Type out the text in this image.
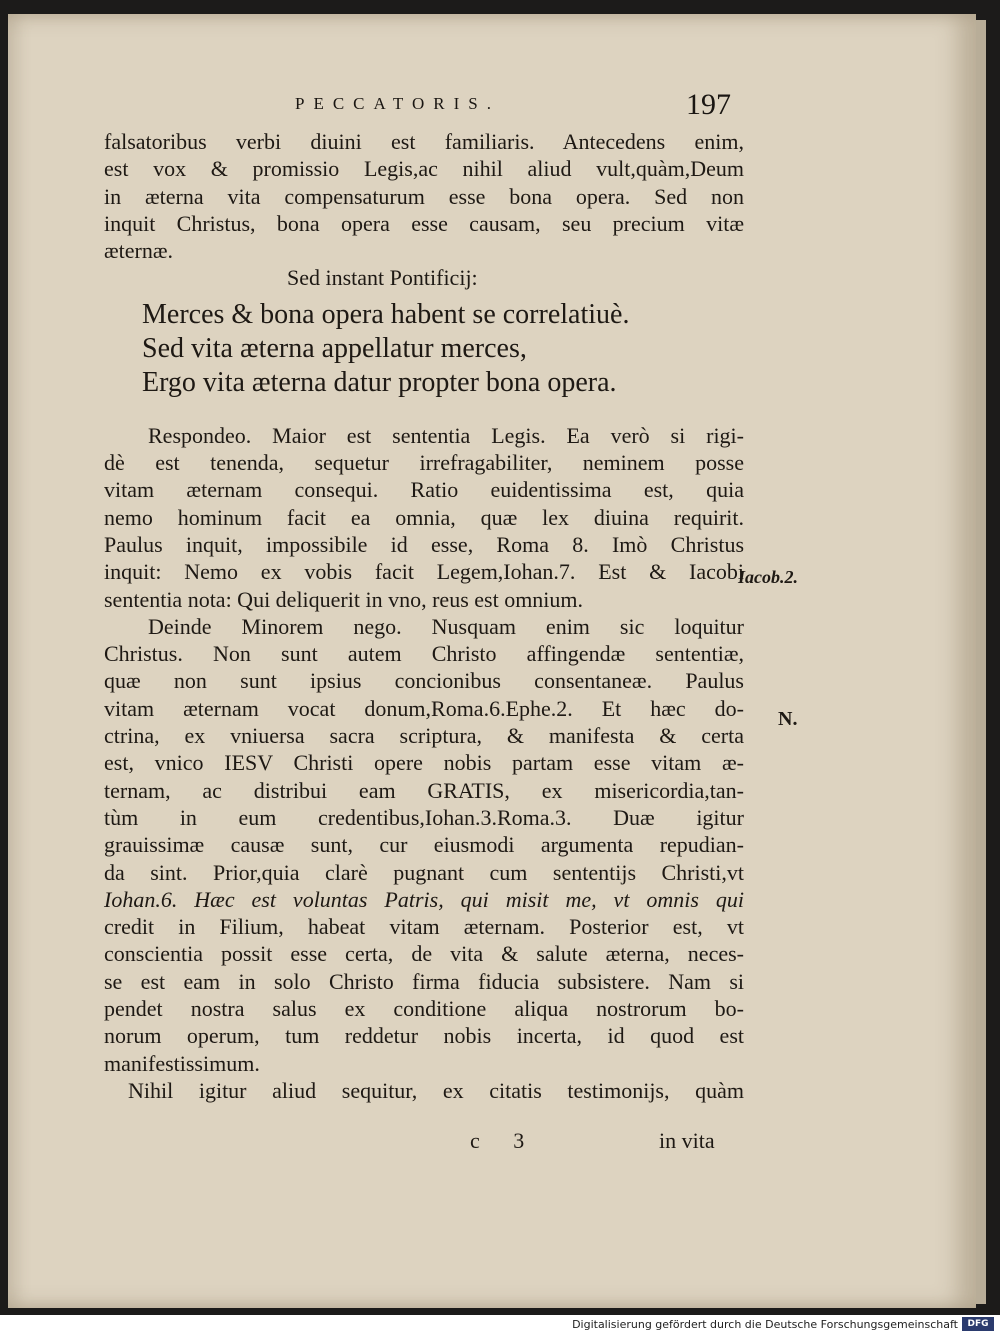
PECCATORIS.	197
falsatoribus verbi diuini est familiaris. Antecedens enim,
est vox & promissio Legis,ac nihil aliud vult,quàm,Deum
in æterna vita compensaturum esse bona opera. Sed non
inquit Christus, bona opera esse causam, seu precium vitæ
æternæ.
Sed instant Pontificij:
Merces & bona opera habent se correlatiuè.
Sed vita æterna appellatur merces,
Ergo vita æterna datur propter bona opera.
Respondeo. Maior est sententia Legis. Ea verò si rigi-
dè est tenenda, sequetur irrefragabiliter, neminem posse
vitam æternam consequi. Ratio euidentissima est, quia
nemo hominum facit ea omnia, quæ lex diuina requirit.
Paulus inquit, impossibile id esse, Roma 8. Imò Christus
inquit: Nemo ex vobis facit Legem,Iohan.7. Est & Iacobi
sententia nota: Qui deliquerit in vno, reus est omnium.
Deinde Minorem nego. Nusquam enim sic loquitur
Christus. Non sunt autem Christo affingendæ sententiæ,
quæ non sunt ipsius concionibus consentaneæ. Paulus
vitam æternam vocat donum,Roma.6.Ephe.2. Et hæc do-
ctrina, ex vniuersa sacra scriptura, & manifesta & certa
est, vnico IESV Christi opere nobis partam esse vitam æ-
ternam, ac distribui eam GRATIS, ex misericordia,tan-
tùm in eum credentibus,Iohan.3.Roma.3. Duæ igitur
grauissimæ causæ sunt, cur eiusmodi argumenta repudian-
da sint. Prior,quia clarè pugnant cum sententijs Christi,vt
Iohan.6. Hæc est voluntas Patris, qui misit me, vt omnis qui
credit in Filium, habeat vitam æternam. Posterior est, vt
conscientia possit esse certa, de vita & salute æterna, neces-
se est eam in solo Christo firma fiducia subsistere. Nam si
pendet nostra salus ex conditione aliqua nostrorum bo-
norum operum, tum reddetur nobis incerta, id quod est
manifestissimum.
Nihil igitur aliud sequitur, ex citatis testimonijs, quàm
Iacob.2.
N.
c 3	in vita
Digitalisierung gefördert durch die Deutsche Forschungsgemeinschaft	DFG
